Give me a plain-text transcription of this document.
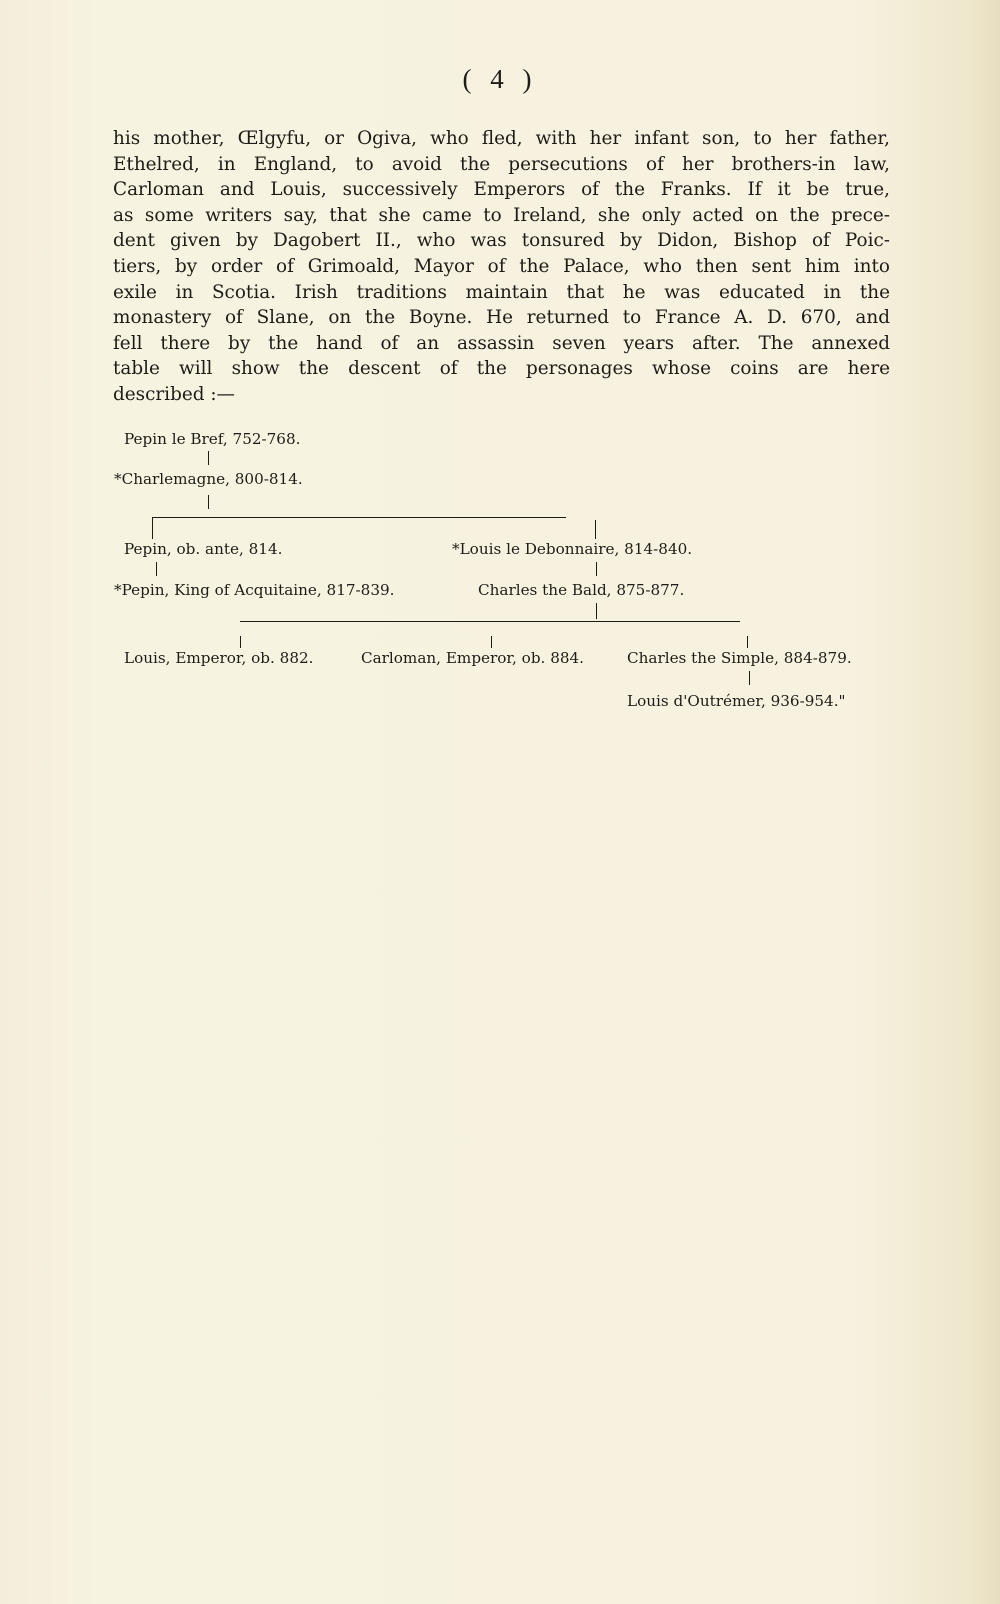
( 4 )

his mother, Œlgyfu, or Ogiva, who fled, with her infant son, to her father,
Ethelred, in England, to avoid the persecutions of her brothers-in law,
Carloman and Louis, successively Emperors of the Franks. If it be true,
as some writers say, that she came to Ireland, she only acted on the prece-
dent given by Dagobert II., who was tonsured by Didon, Bishop of Poic-
tiers, by order of Grimoald, Mayor of the Palace, who then sent him into
exile in Scotia. Irish traditions maintain that he was educated in the
monastery of Slane, on the Boyne. He returned to France A. D. 670, and
fell there by the hand of an assassin seven years after. The annexed
table will show the descent of the personages whose coins are here
described :—

Pepin le Bref, 752-768.
*Charlemagne, 800-814.
Pepin, ob. ante, 814.	*Louis le Debonnaire, 814-840.
*Pepin, King of Acquitaine, 817-839.	Charles the Bald, 875-877.
Louis, Emperor, ob. 882.	Carloman, Emperor, ob. 884.	Charles the Simple, 884-879.
Louis d'Outrémer, 936-954."
